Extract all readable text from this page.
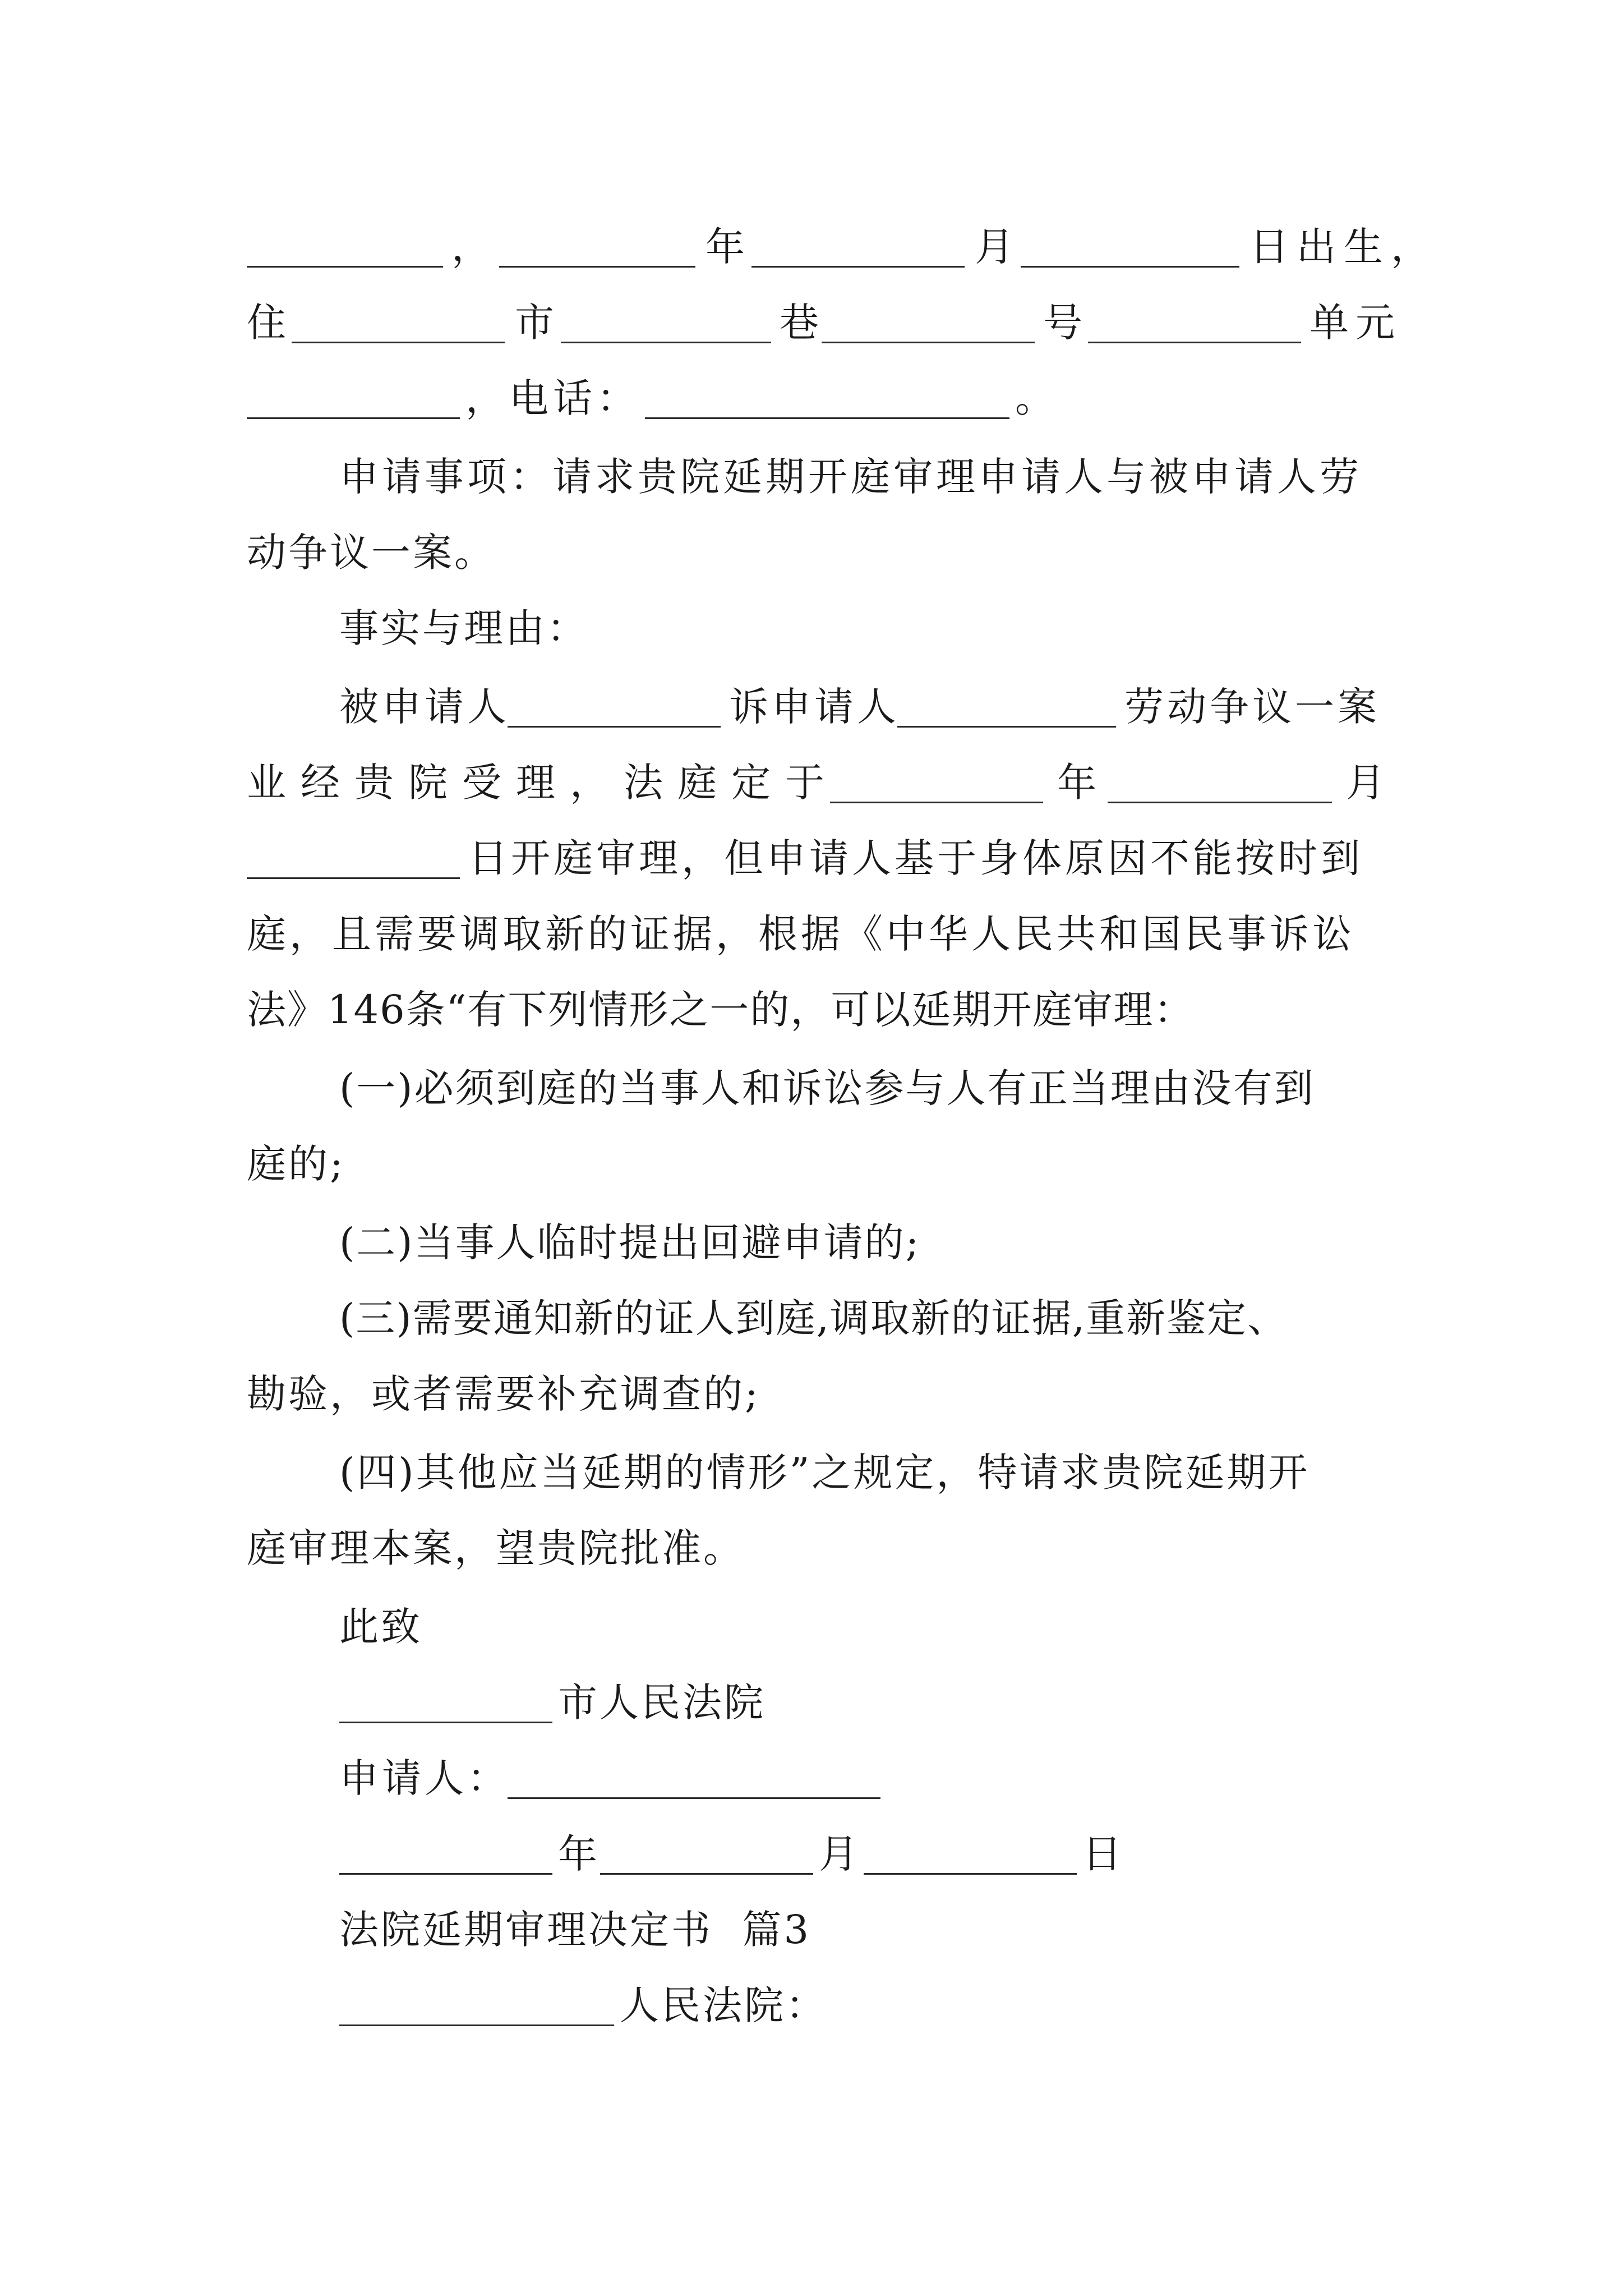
，	年	月	日出生，
住	市	巷	号	单元
，电话：	。
申请事项：请求贵院延期开庭审理申请人与被申请人劳
动争议一案。
事实与理由：
被申请人	诉申请人	劳动争议一案
业经贵院受理，法庭定于	年	月
日开庭审理，但申请人基于身体原因不能按时到
庭，且需要调取新的证据，根据《中华人民共和国民事诉讼
法》146条“有下列情形之一的，可以延期开庭审理：
(一)必须到庭的当事人和诉讼参与人有正当理由没有到
庭的;
(二)当事人临时提出回避申请的;
(三)需要通知新的证人到庭,调取新的证据,重新鉴定、
勘验，或者需要补充调查的;
(四)其他应当延期的情形”之规定，特请求贵院延期开
庭审理本案，望贵院批准。
此致
市人民法院
申请人：
年	月	日
法院延期审理决定书  篇3
人民法院：
